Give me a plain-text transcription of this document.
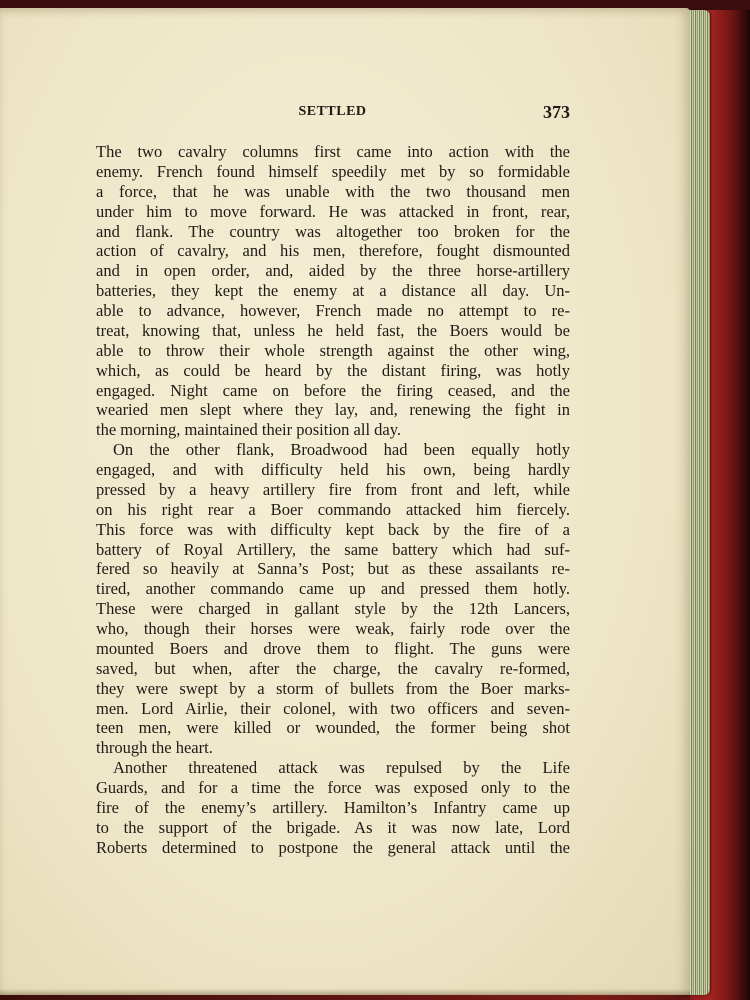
SETTLED	373
The two cavalry columns first came into action with the
enemy. French found himself speedily met by so formidable
a force, that he was unable with the two thousand men
under him to move forward. He was attacked in front, rear,
and flank. The country was altogether too broken for the
action of cavalry, and his men, therefore, fought dismounted
and in open order, and, aided by the three horse-artillery
batteries, they kept the enemy at a distance all day. Un-
able to advance, however, French made no attempt to re-
treat, knowing that, unless he held fast, the Boers would be
able to throw their whole strength against the other wing,
which, as could be heard by the distant firing, was hotly
engaged. Night came on before the firing ceased, and the
wearied men slept where they lay, and, renewing the fight in
the morning, maintained their position all day.
On the other flank, Broadwood had been equally hotly
engaged, and with difficulty held his own, being hardly
pressed by a heavy artillery fire from front and left, while
on his right rear a Boer commando attacked him fiercely.
This force was with difficulty kept back by the fire of a
battery of Royal Artillery, the same battery which had suf-
fered so heavily at Sanna’s Post; but as these assailants re-
tired, another commando came up and pressed them hotly.
These were charged in gallant style by the 12th Lancers,
who, though their horses were weak, fairly rode over the
mounted Boers and drove them to flight. The guns were
saved, but when, after the charge, the cavalry re-formed,
they were swept by a storm of bullets from the Boer marks-
men. Lord Airlie, their colonel, with two officers and seven-
teen men, were killed or wounded, the former being shot
through the heart.
Another threatened attack was repulsed by the Life
Guards, and for a time the force was exposed only to the
fire of the enemy’s artillery. Hamilton’s Infantry came up
to the support of the brigade. As it was now late, Lord
Roberts determined to postpone the general attack until the
